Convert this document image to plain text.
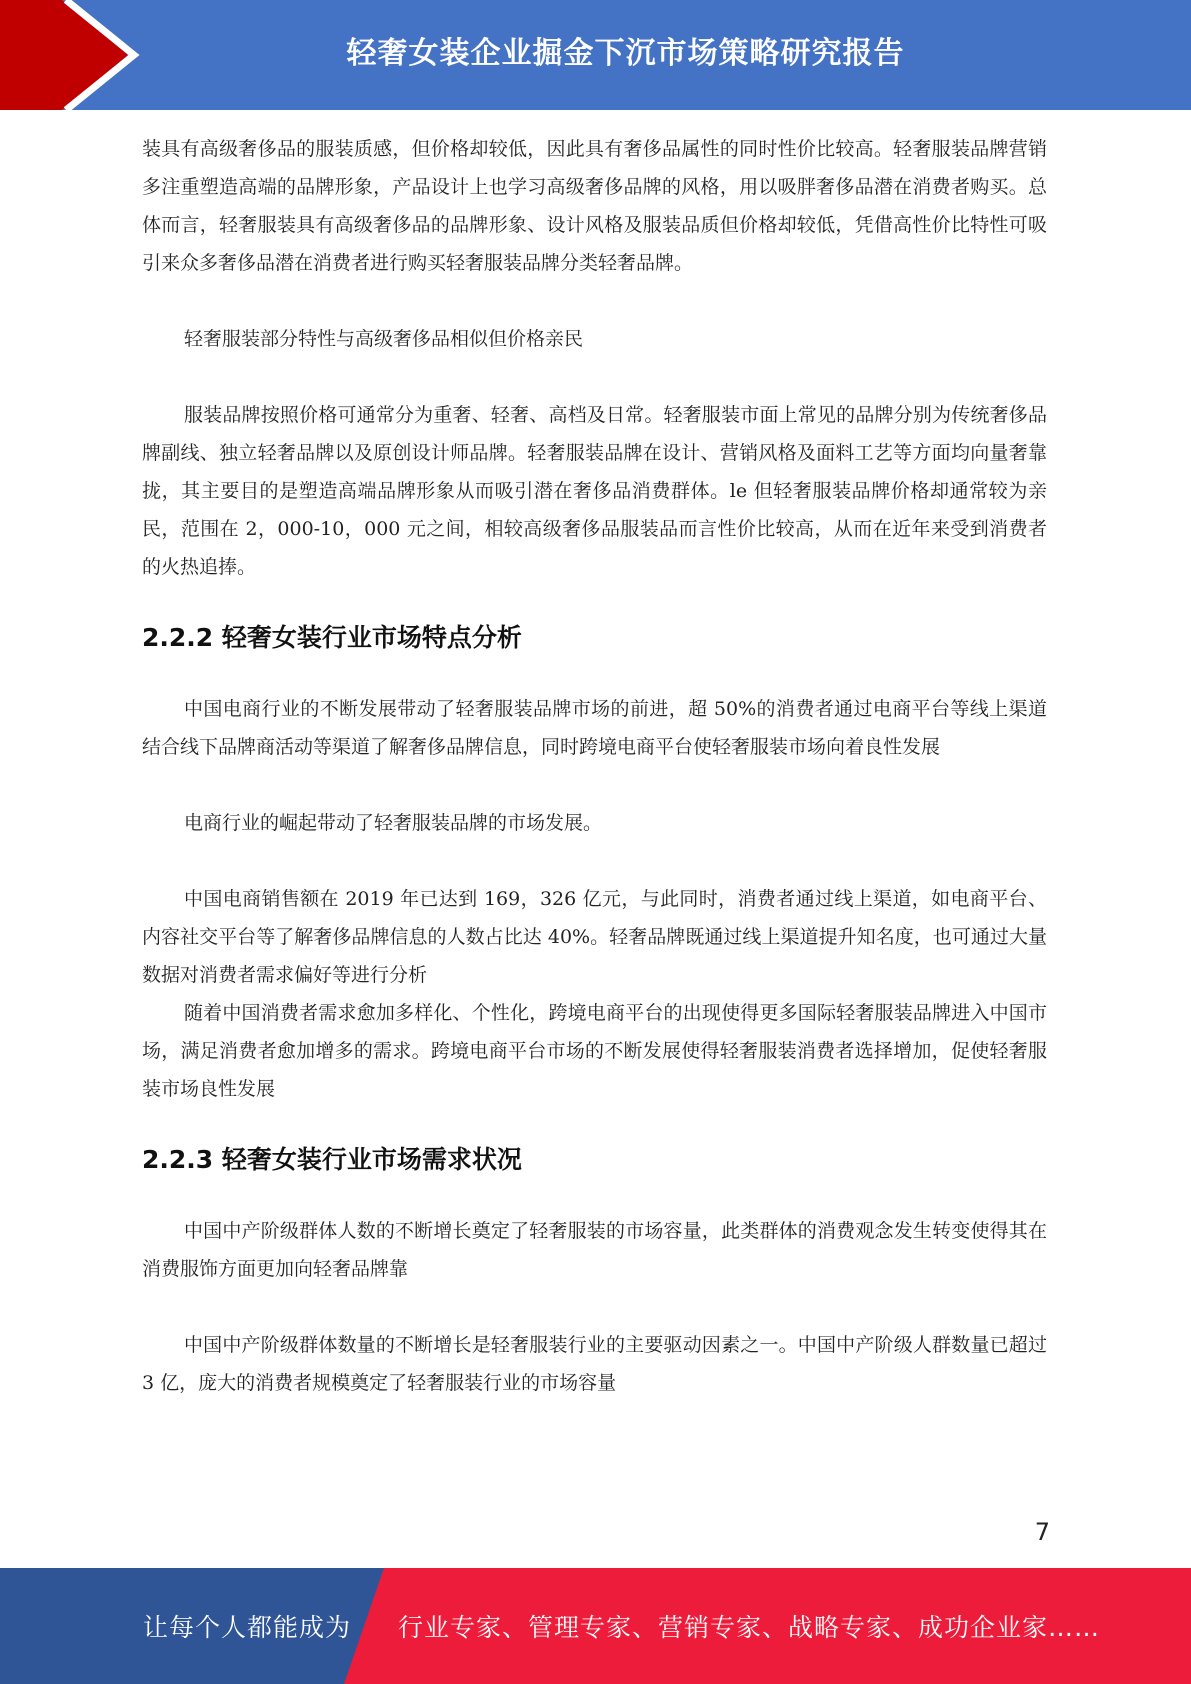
轻奢女装企业掘金下沉市场策略研究报告

装具有高级奢侈品的服装质感，但价格却较低，因此具有奢侈品属性的同时性价比较高。轻奢服装品牌营销多注重塑造高端的品牌形象，产品设计上也学习高级奢侈品牌的风格，用以吸胖奢侈品潜在消费者购买。总体而言，轻奢服装具有高级奢侈品的品牌形象、设计风格及服装品质但价格却较低，凭借高性价比特性可吸引来众多奢侈品潜在消费者进行购买轻奢服装品牌分类轻奢品牌。

轻奢服装部分特性与高级奢侈品相似但价格亲民

服装品牌按照价格可通常分为重奢、轻奢、高档及日常。轻奢服装市面上常见的品牌分别为传统奢侈品牌副线、独立轻奢品牌以及原创设计师品牌。轻奢服装品牌在设计、营销风格及面料工艺等方面均向量奢靠拢，其主要目的是塑造高端品牌形象从而吸引潜在奢侈品消费群体。le 但轻奢服装品牌价格却通常较为亲民，范围在 2，000-10，000 元之间，相较高级奢侈品服装品而言性价比较高，从而在近年来受到消费者的火热追捧。

2.2.2 轻奢女装行业市场特点分析

中国电商行业的不断发展带动了轻奢服装品牌市场的前进，超 50%的消费者通过电商平台等线上渠道结合线下品牌商活动等渠道了解奢侈品牌信息，同时跨境电商平台使轻奢服装市场向着良性发展

电商行业的崛起带动了轻奢服装品牌的市场发展。

中国电商销售额在 2019 年已达到 169，326 亿元，与此同时，消费者通过线上渠道，如电商平台、内容社交平台等了解奢侈品牌信息的人数占比达 40%。轻奢品牌既通过线上渠道提升知名度，也可通过大量数据对消费者需求偏好等进行分析

随着中国消费者需求愈加多样化、个性化，跨境电商平台的出现使得更多国际轻奢服装品牌进入中国市场，满足消费者愈加增多的需求。跨境电商平台市场的不断发展使得轻奢服装消费者选择增加，促使轻奢服装市场良性发展

2.2.3 轻奢女装行业市场需求状况

中国中产阶级群体人数的不断增长奠定了轻奢服装的市场容量，此类群体的消费观念发生转变使得其在消费服饰方面更加向轻奢品牌靠

中国中产阶级群体数量的不断增长是轻奢服装行业的主要驱动因素之一。中国中产阶级人群数量已超过 3 亿，庞大的消费者规模奠定了轻奢服装行业的市场容量

7
让每个人都能成为 行业专家、管理专家、营销专家、战略专家、成功企业家……
